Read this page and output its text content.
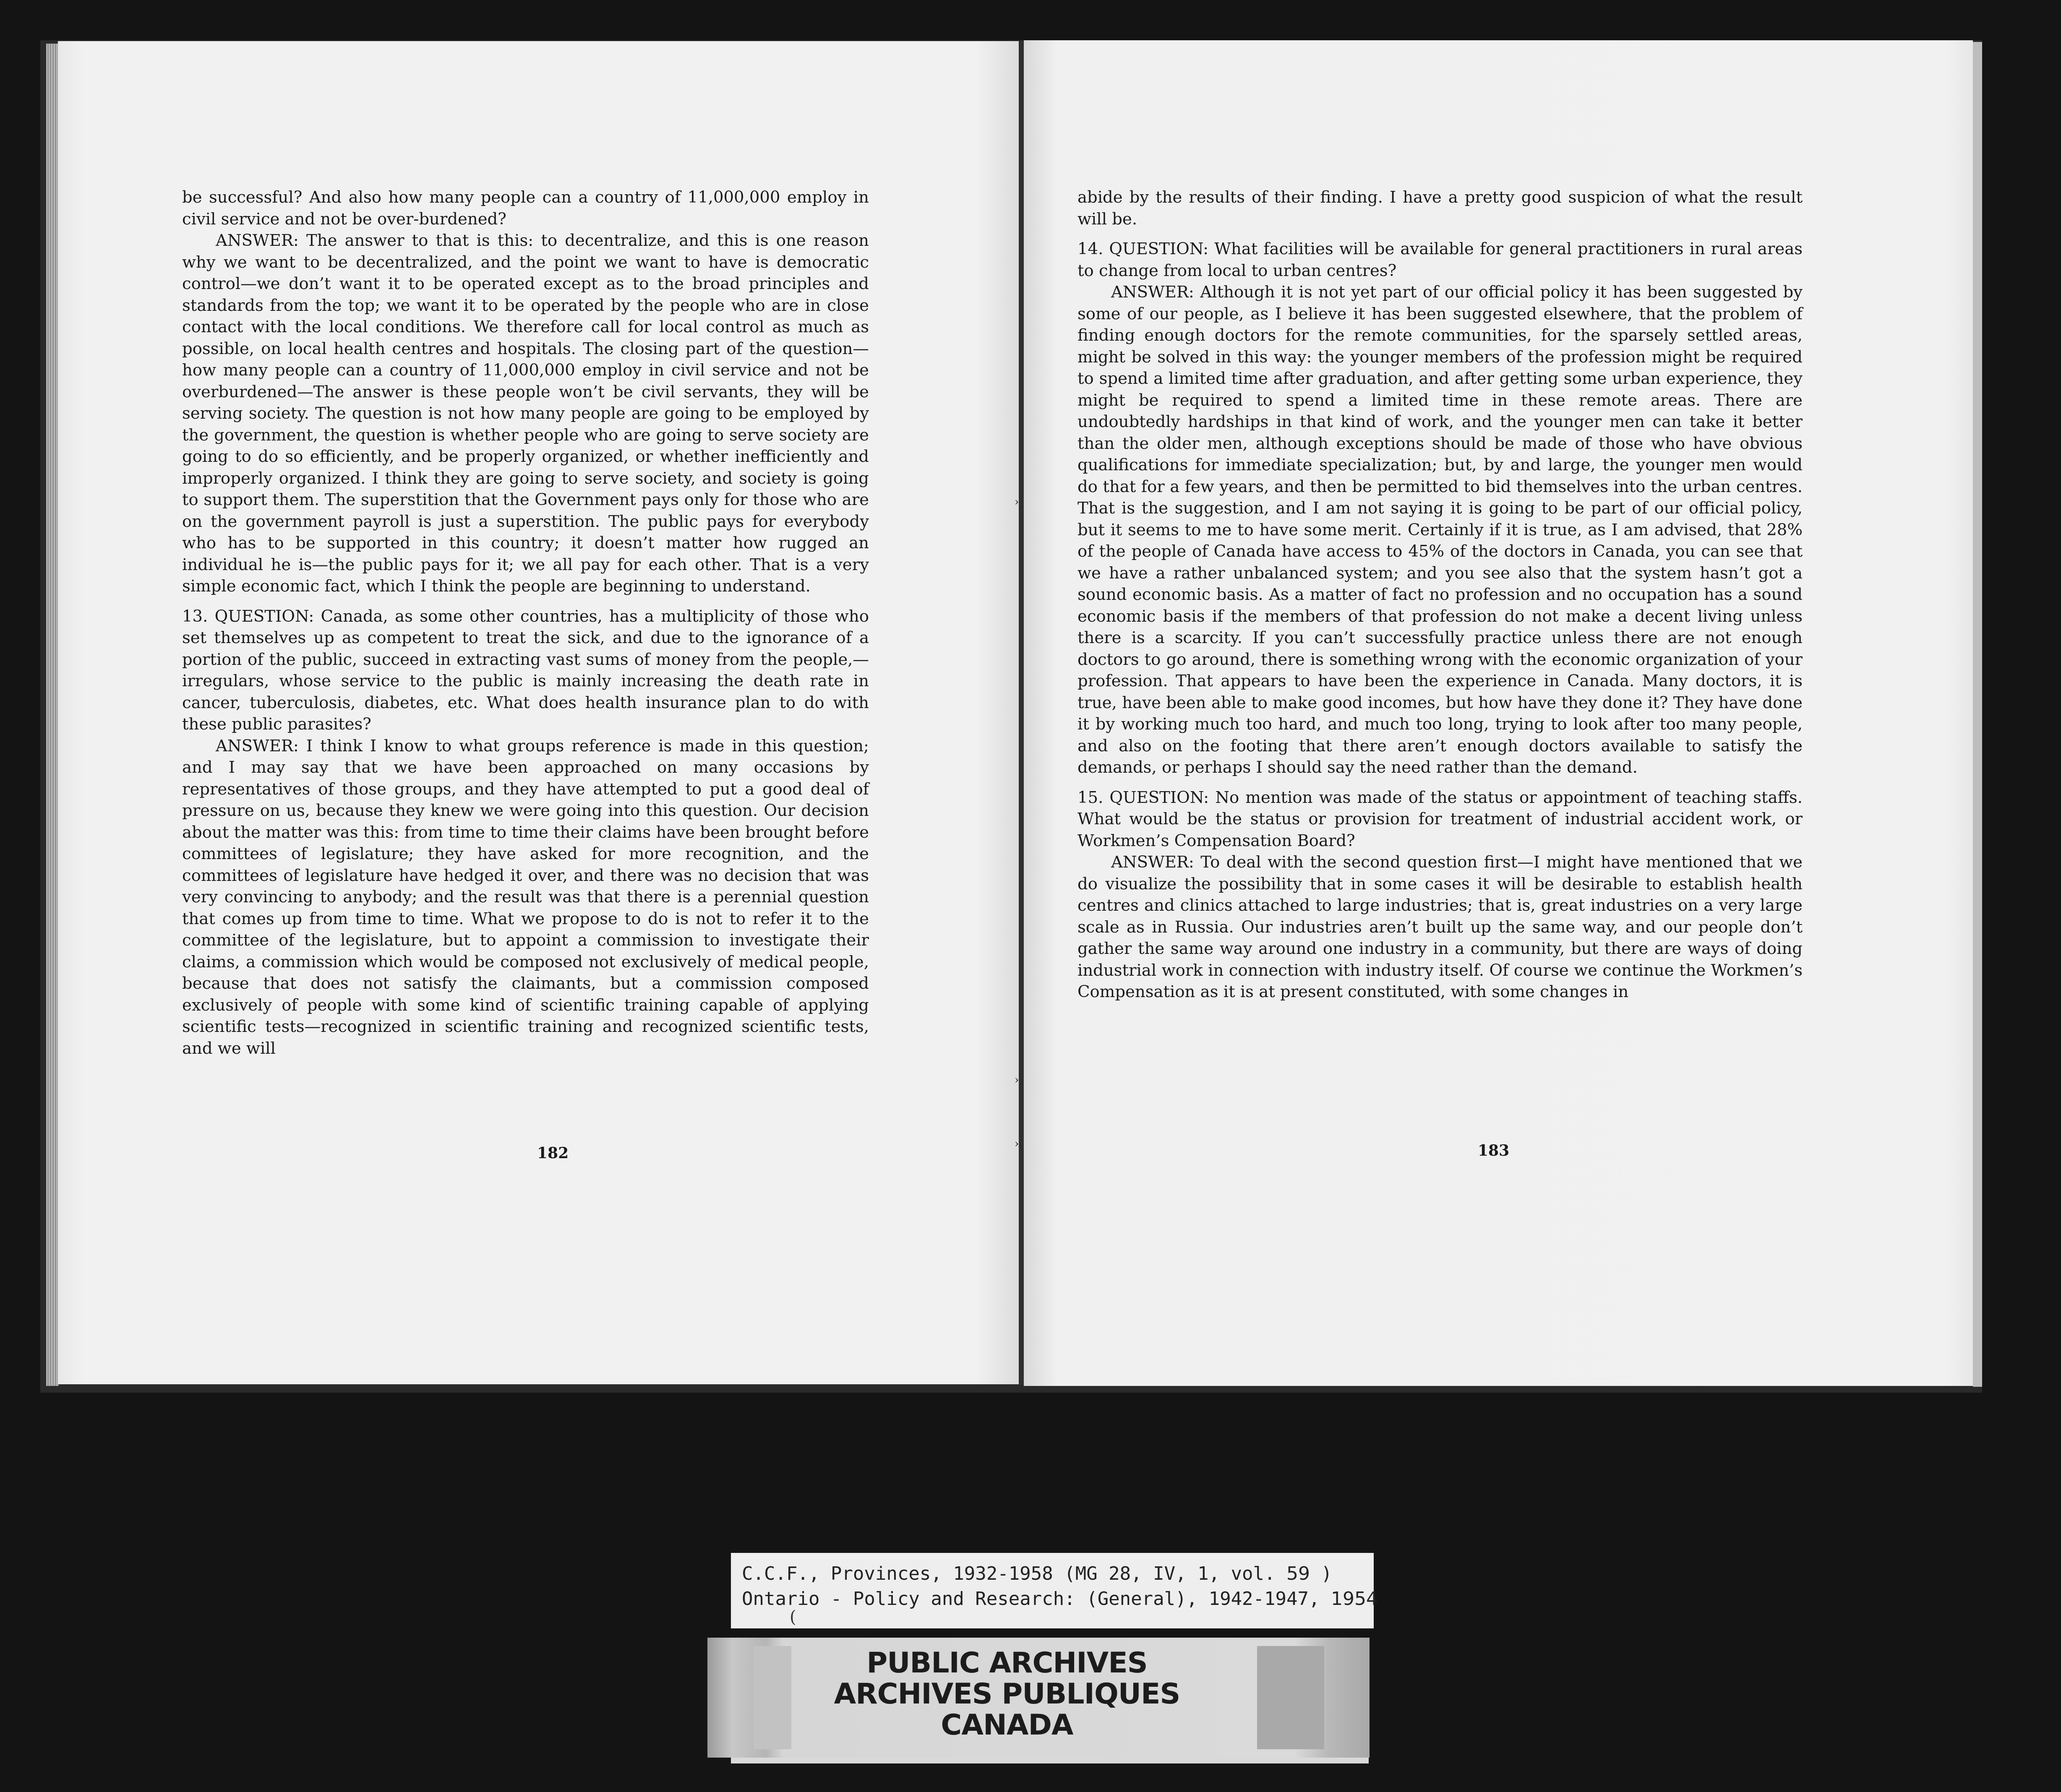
›
›
›

be successful? And also how many people can a country of 11,000,000 employ in civil service and not be over-burdened?

ANSWER: The answer to that is this: to decentralize, and this is one reason why we want to be decentralized, and the point we want to have is democratic control—we don’t want it to be operated except as to the broad principles and standards from the top; we want it to be operated by the people who are in close contact with the local conditions. We therefore call for local control as much as possible, on local health centres and hospitals. The closing part of the question—how many people can a country of 11,000,000 employ in civil service and not be overburdened—The answer is these people won’t be civil servants, they will be serving society. The question is not how many people are going to be employed by the government, the question is whether people who are going to serve society are going to do so efficiently, and be properly organized, or whether inefficiently and improperly organized. I think they are going to serve society, and society is going to support them. The superstition that the Government pays only for those who are on the government payroll is just a superstition. The public pays for everybody who has to be supported in this country; it doesn’t matter how rugged an individual he is—the public pays for it; we all pay for each other. That is a very simple economic fact, which I think the people are beginning to understand.

13. QUESTION: Canada, as some other countries, has a multiplicity of those who set themselves up as competent to treat the sick, and due to the ignorance of a portion of the public, succeed in extracting vast sums of money from the people,—irregulars, whose service to the public is mainly increasing the death rate in cancer, tuberculosis, diabetes, etc. What does health insurance plan to do with these public parasites?

ANSWER: I think I know to what groups reference is made in this question; and I may say that we have been approached on many occasions by representatives of those groups, and they have attempted to put a good deal of pressure on us, because they knew we were going into this question. Our decision about the matter was this: from time to time their claims have been brought before committees of legislature; they have asked for more recognition, and the committees of legislature have hedged it over, and there was no decision that was very convincing to anybody; and the result was that there is a perennial question that comes up from time to time. What we propose to do is not to refer it to the committee of the legislature, but to appoint a commission to investigate their claims, a commission which would be composed not exclusively of medical people, because that does not satisfy the claimants, but a commission composed exclusively of people with some kind of scientific training capable of applying scientific tests—recognized in scientific training and recognized scientific tests, and we will

182

abide by the results of their finding. I have a pretty good suspicion of what the result will be.

14. QUESTION: What facilities will be available for general practitioners in rural areas to change from local to urban centres?

ANSWER: Although it is not yet part of our official policy it has been suggested by some of our people, as I believe it has been suggested elsewhere, that the problem of finding enough doctors for the remote communities, for the sparsely settled areas, might be solved in this way: the younger members of the profession might be required to spend a limited time after graduation, and after getting some urban experience, they might be required to spend a limited time in these remote areas. There are undoubtedly hardships in that kind of work, and the younger men can take it better than the older men, although exceptions should be made of those who have obvious qualifications for immediate specialization; but, by and large, the younger men would do that for a few years, and then be permitted to bid themselves into the urban centres. That is the suggestion, and I am not saying it is going to be part of our official policy, but it seems to me to have some merit. Certainly if it is true, as I am advised, that 28% of the people of Canada have access to 45% of the doctors in Canada, you can see that we have a rather unbalanced system; and you see also that the system hasn’t got a sound economic basis. As a matter of fact no profession and no occupation has a sound economic basis if the members of that profession do not make a decent living unless there is a scarcity. If you can’t successfully practice unless there are not enough doctors to go around, there is something wrong with the economic organization of your profession. That appears to have been the experience in Canada. Many doctors, it is true, have been able to make good incomes, but how have they done it? They have done it by working much too hard, and much too long, trying to look after too many people, and also on the footing that there aren’t enough doctors available to satisfy the demands, or perhaps I should say the need rather than the demand.

15. QUESTION: No mention was made of the status or appointment of teaching staffs. What would be the status or provision for treatment of industrial accident work, or Workmen’s Compensation Board?

ANSWER: To deal with the second question first—I might have mentioned that we do visualize the possibility that in some cases it will be desirable to establish health centres and clinics attached to large industries; that is, great industries on a very large scale as in Russia. Our industries aren’t built up the same way, and our people don’t gather the same way around one industry in a community, but there are ways of doing industrial work in connection with industry itself. Of course we continue the Workmen’s Compensation as it is at present constituted, with some changes in

183
C.C.F., Provinces, 1932-1958 (MG 28, IV, 1, vol. 59 )
Ontario - Policy and Research: (General), 1942-1947, 1954
(
PUBLIC ARCHIVES
ARCHIVES PUBLIQUES
CANADA
